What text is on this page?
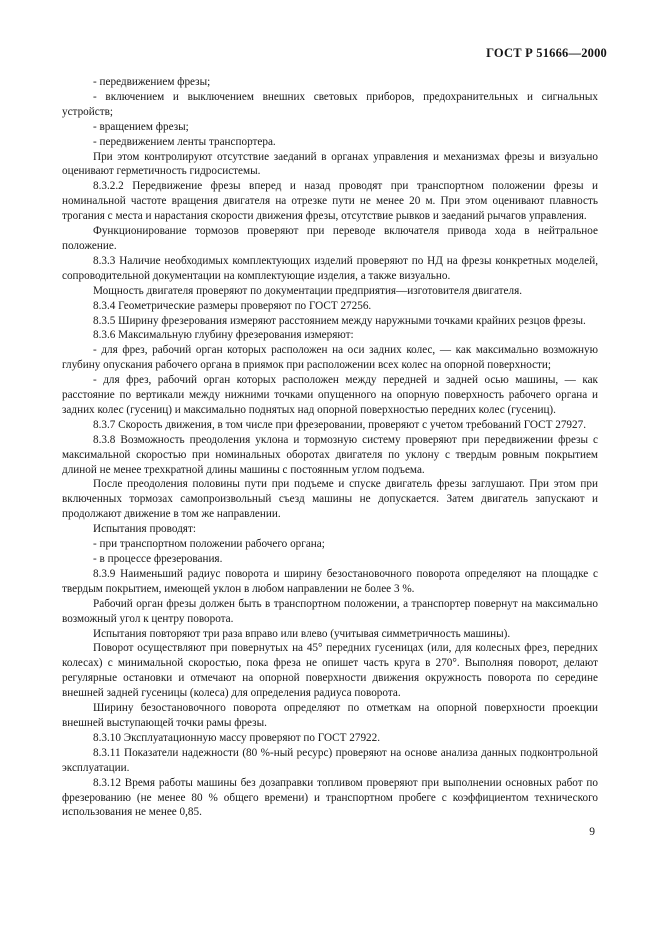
ГОСТ Р 51666—2000

- передвижением фрезы;

- включением и выключением внешних световых приборов, предохранительных и сигнальных устройств;

- вращением фрезы;

- передвижением ленты транспортера.

При этом контролируют отсутствие заеданий в органах управления и механизмах фрезы и визуально оценивают герметичность гидросистемы.

8.3.2.2 Передвижение фрезы вперед и назад проводят при транспортном положении фрезы и номинальной частоте вращения двигателя на отрезке пути не менее 20 м. При этом оценивают плавность трогания с места и нарастания скорости движения фрезы, отсутствие рывков и заеданий рычагов управления.

Функционирование тормозов проверяют при переводе включателя привода хода в нейтральное положение.

8.3.3 Наличие необходимых комплектующих изделий проверяют по НД на фрезы конкретных моделей, сопроводительной документации на комплектующие изделия, а также визуально.

Мощность двигателя проверяют по документации предприятия—изготовителя двигателя.

8.3.4 Геометрические размеры проверяют по ГОСТ 27256.

8.3.5 Ширину фрезерования измеряют расстоянием между наружными точками крайних резцов фрезы.

8.3.6 Максимальную глубину фрезерования измеряют:

- для фрез, рабочий орган которых расположен на оси задних колес, — как максимально возможную глубину опускания рабочего органа в приямок при расположении всех колес на опорной поверхности;

- для фрез, рабочий орган которых расположен между передней и задней осью машины, — как расстояние по вертикали между нижними точками опущенного на опорную поверхность рабочего органа и задних колес (гусениц) и максимально поднятых над опорной поверхностью передних колес (гусениц).

8.3.7 Скорость движения, в том числе при фрезеровании, проверяют с учетом требований ГОСТ 27927.

8.3.8 Возможность преодоления уклона и тормозную систему проверяют при передвижении фрезы с максимальной скоростью при номинальных оборотах двигателя по уклону с твердым ровным покрытием длиной не менее трехкратной длины машины с постоянным углом подъема.

После преодоления половины пути при подъеме и спуске двигатель фрезы заглушают. При этом при включенных тормозах самопроизвольный съезд машины не допускается. Затем двигатель запускают и продолжают движение в том же направлении.

Испытания проводят:

- при транспортном положении рабочего органа;

- в процессе фрезерования.

8.3.9 Наименьший радиус поворота и ширину безостановочного поворота определяют на площадке с твердым покрытием, имеющей уклон в любом направлении не более 3 %.

Рабочий орган фрезы должен быть в транспортном положении, а транспортер повернут на максимально возможный угол к центру поворота.

Испытания повторяют три раза вправо или влево (учитывая симметричность машины).

Поворот осуществляют при повернутых на 45° передних гусеницах (или, для колесных фрез, передних колесах) с минимальной скоростью, пока фреза не опишет часть круга в 270°. Выполняя поворот, делают регулярные остановки и отмечают на опорной поверхности движения окружность поворота по середине внешней задней гусеницы (колеса) для определения радиуса поворота.

Ширину безостановочного поворота определяют по отметкам на опорной поверхности проекции внешней выступающей точки рамы фрезы.

8.3.10 Эксплуатационную массу проверяют по ГОСТ 27922.

8.3.11 Показатели надежности (80 %-ный ресурс) проверяют на основе анализа данных подконтрольной эксплуатации.

8.3.12 Время работы машины без дозаправки топливом проверяют при выполнении основных работ по фрезерованию (не менее 80 % общего времени) и транспортном пробеге с коэффициентом технического использования не менее 0,85.

9
